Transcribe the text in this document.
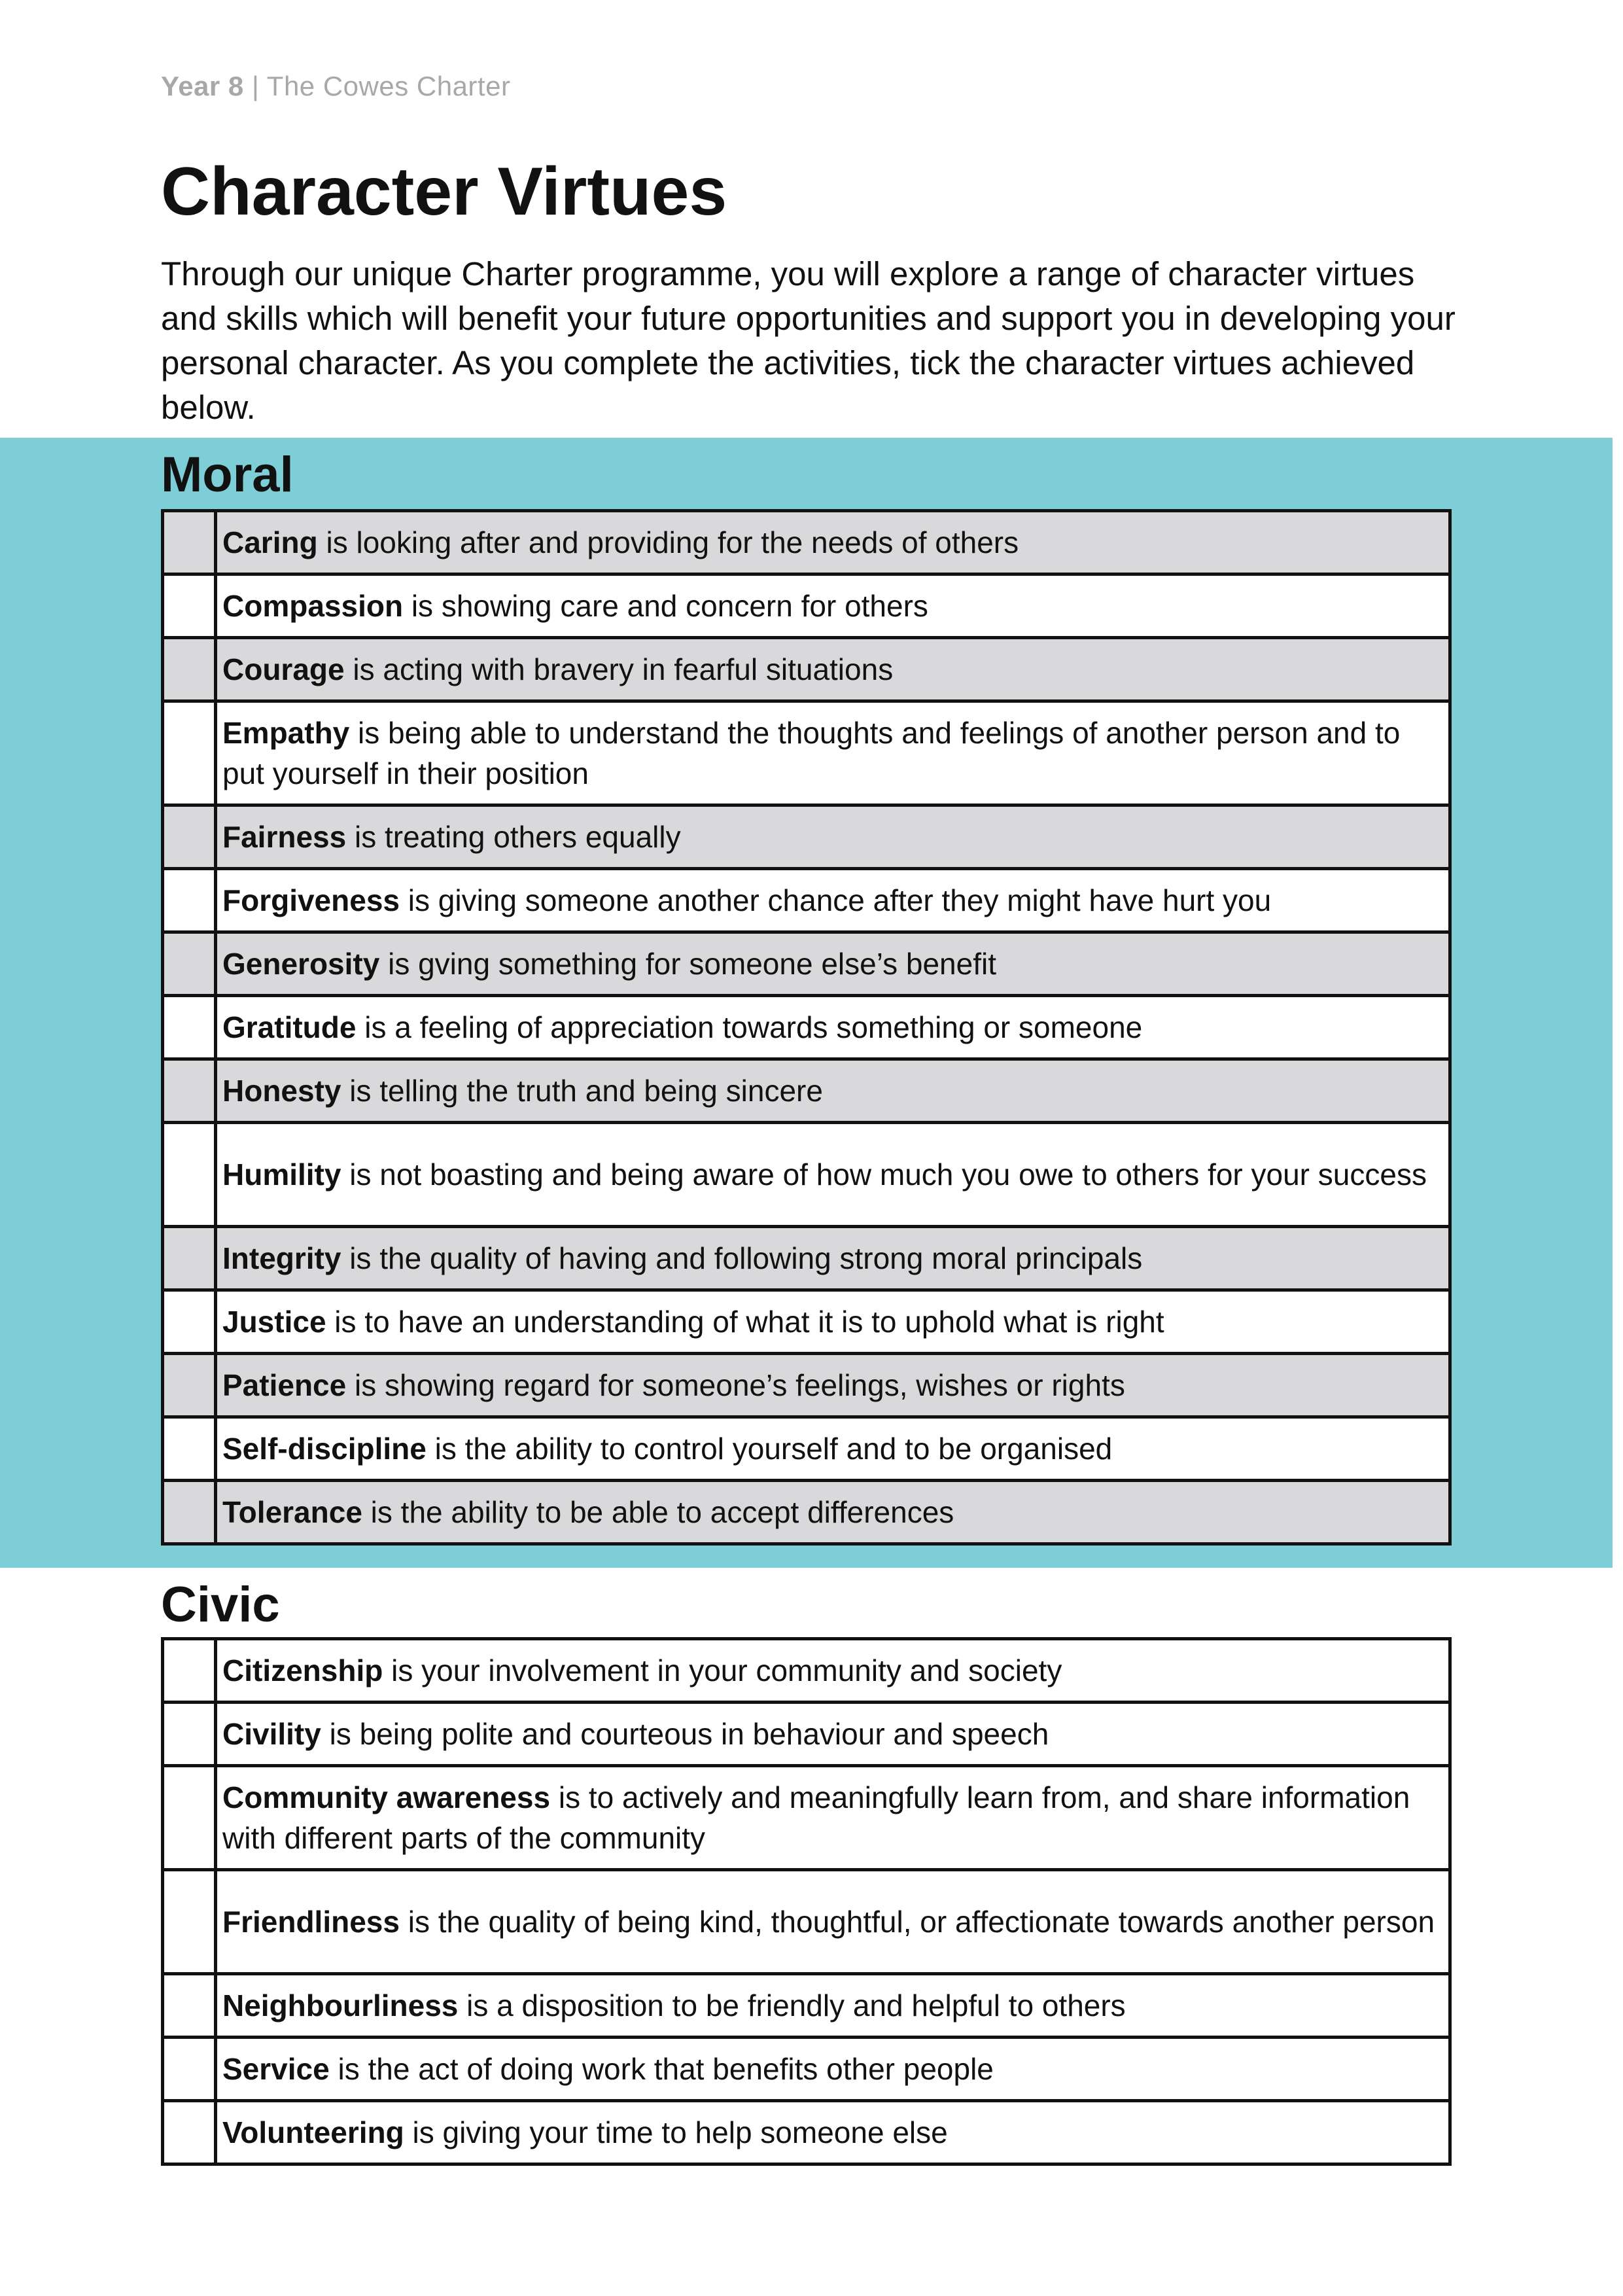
Year 8 | The Cowes Charter
Character Virtues

Through our unique Charter programme, you will explore a range of character virtues and skills which will benefit your future opportunities and support you in developing your personal character. As you complete the activities, tick the character virtues achieved below.

Moral
	Caring is looking after and providing for the needs of others
	Compassion is showing care and concern for others
	Courage is acting with bravery in fearful situations
	Empathy is being able to understand the thoughts and feelings of another person and to put yourself in their position
	Fairness is treating others equally
	Forgiveness is giving someone another chance after they might have hurt you
	Generosity is gving something for someone else’s benefit
	Gratitude is a feeling of appreciation towards something or someone
	Honesty is telling the truth and being sincere
	Humility is not boasting and being aware of how much you owe to others for your success
	Integrity is the quality of having and following strong moral principals
	Justice is to have an understanding of what it is to uphold what is right
	Patience is showing regard for someone’s feelings, wishes or rights
	Self-discipline is the ability to control yourself and to be organised
	Tolerance is the ability to be able to accept differences
Civic
	Citizenship is your involvement in your community and society
	Civility is being polite and courteous in behaviour and speech
	Community awareness is to actively and meaningfully learn from, and share information with different parts of the community
	Friendliness is the quality of being kind, thoughtful, or affectionate towards another person
	Neighbourliness is a disposition to be friendly and helpful to others
	Service is the act of doing work that benefits other people
	Volunteering is giving your time to help someone else
